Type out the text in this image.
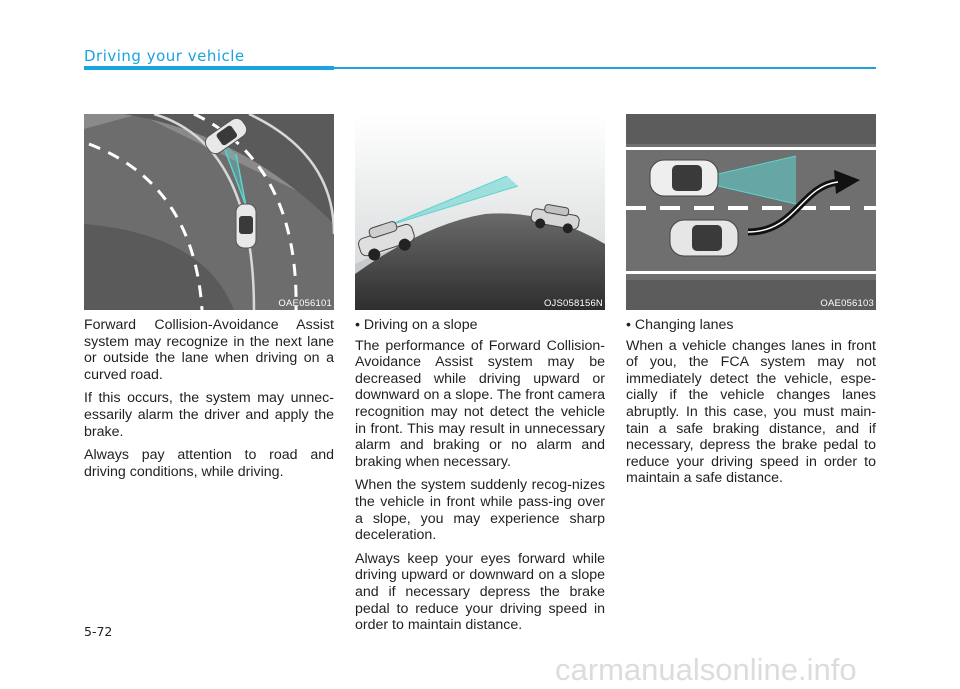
Driving your vehicle
OAE056101	OJS058156N	OAE056103

Forward Collision-Avoidance Assist system may recognize in the next lane or outside the lane when driving on a curved road.

If this occurs, the system may unnec-essarily alarm the driver and apply the brake.

Always pay attention to road and driving conditions, while driving.

• Driving on a slope

The performance of Forward Collision-Avoidance Assist system may be decreased while driving upward or downward on a slope. The front camera recognition may not detect the vehicle in front. This may result in unnecessary alarm and braking or no alarm and braking when necessary.

When the system suddenly recog-nizes the vehicle in front while pass-ing over a slope, you may experience sharp deceleration.

Always keep your eyes forward while driving upward or downward on a slope and if necessary depress the brake pedal to reduce your driving speed in order to maintain distance.

• Changing lanes

When a vehicle changes lanes in front of you, the FCA system may not immediately detect the vehicle, espe-cially if the vehicle changes lanes abruptly. In this case, you must main-tain a safe braking distance, and if necessary, depress the brake pedal to reduce your driving speed in order to maintain a safe distance.

5-72
carmanualsonline.info
